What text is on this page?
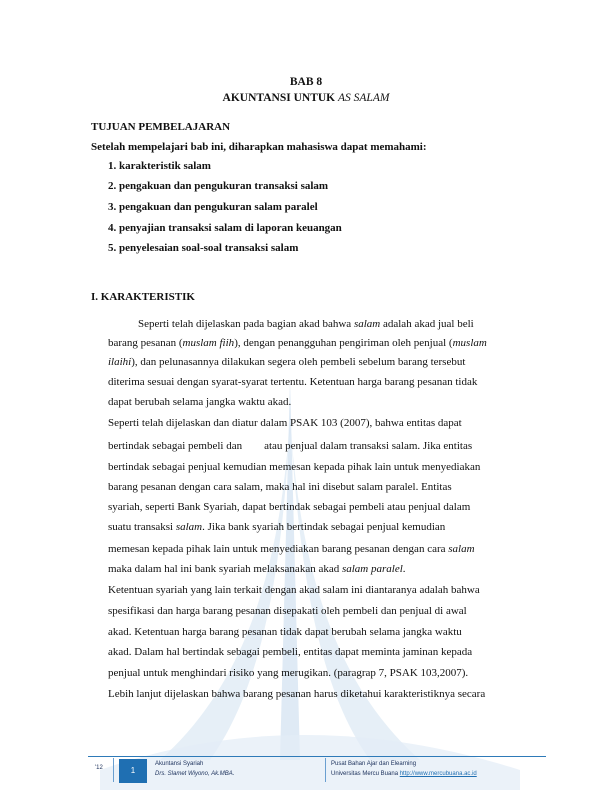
BAB 8
AKUNTANSI UNTUK AS SALAM
TUJUAN PEMBELAJARAN
Setelah mempelajari bab ini, diharapkan mahasiswa dapat memahami:
1. karakteristik salam
2. pengakuan dan pengukuran transaksi salam
3. pengakuan dan pengukuran salam paralel
4. penyajian transaksi salam di laporan keuangan
5. penyelesaian soal-soal transaksi salam
I. KARAKTERISTIK
Seperti telah dijelaskan pada bagian akad bahwa salam adalah akad jual beli
barang pesanan (muslam fiih), dengan penangguhan pengiriman oleh penjual (muslam
ilaihi), dan pelunasannya dilakukan segera oleh pembeli sebelum barang tersebut
diterima sesuai dengan syarat-syarat tertentu. Ketentuan harga barang pesanan tidak
dapat berubah selama jangka waktu akad.
Seperti telah dijelaskan dan diatur dalam PSAK 103 (2007), bahwa entitas dapat
bertindak sebagai pembeli dan        atau penjual dalam transaksi salam. Jika entitas
bertindak sebagai penjual kemudian memesan kepada pihak lain untuk menyediakan
barang pesanan dengan cara salam, maka hal ini disebut salam paralel. Entitas
syariah, seperti Bank Syariah, dapat bertindak sebagai pembeli atau penjual dalam
suatu transaksi salam. Jika bank syariah bertindak sebagai penjual kemudian
memesan kepada pihak lain untuk menyediakan barang pesanan dengan cara salam
maka dalam hal ini bank syariah melaksanakan akad salam paralel.
Ketentuan syariah yang lain terkait dengan akad salam ini diantaranya adalah bahwa
spesifikasi dan harga barang pesanan disepakati oleh pembeli dan penjual di awal
akad. Ketentuan harga barang pesanan tidak dapat berubah selama jangka waktu
akad. Dalam hal bertindak sebagai pembeli, entitas dapat meminta jaminan kepada
penjual untuk menghindari risiko yang merugikan. (paragrap 7, PSAK 103,2007).
Lebih lanjut dijelaskan bahwa barang pesanan harus diketahui karakteristiknya secara
'12	1
Akuntansi Syariah
Drs. Slamet Wiyono, Ak.MBA.
Pusat Bahan Ajar dan Elearning
Universitas Mercu Buana http://www.mercubuana.ac.id
